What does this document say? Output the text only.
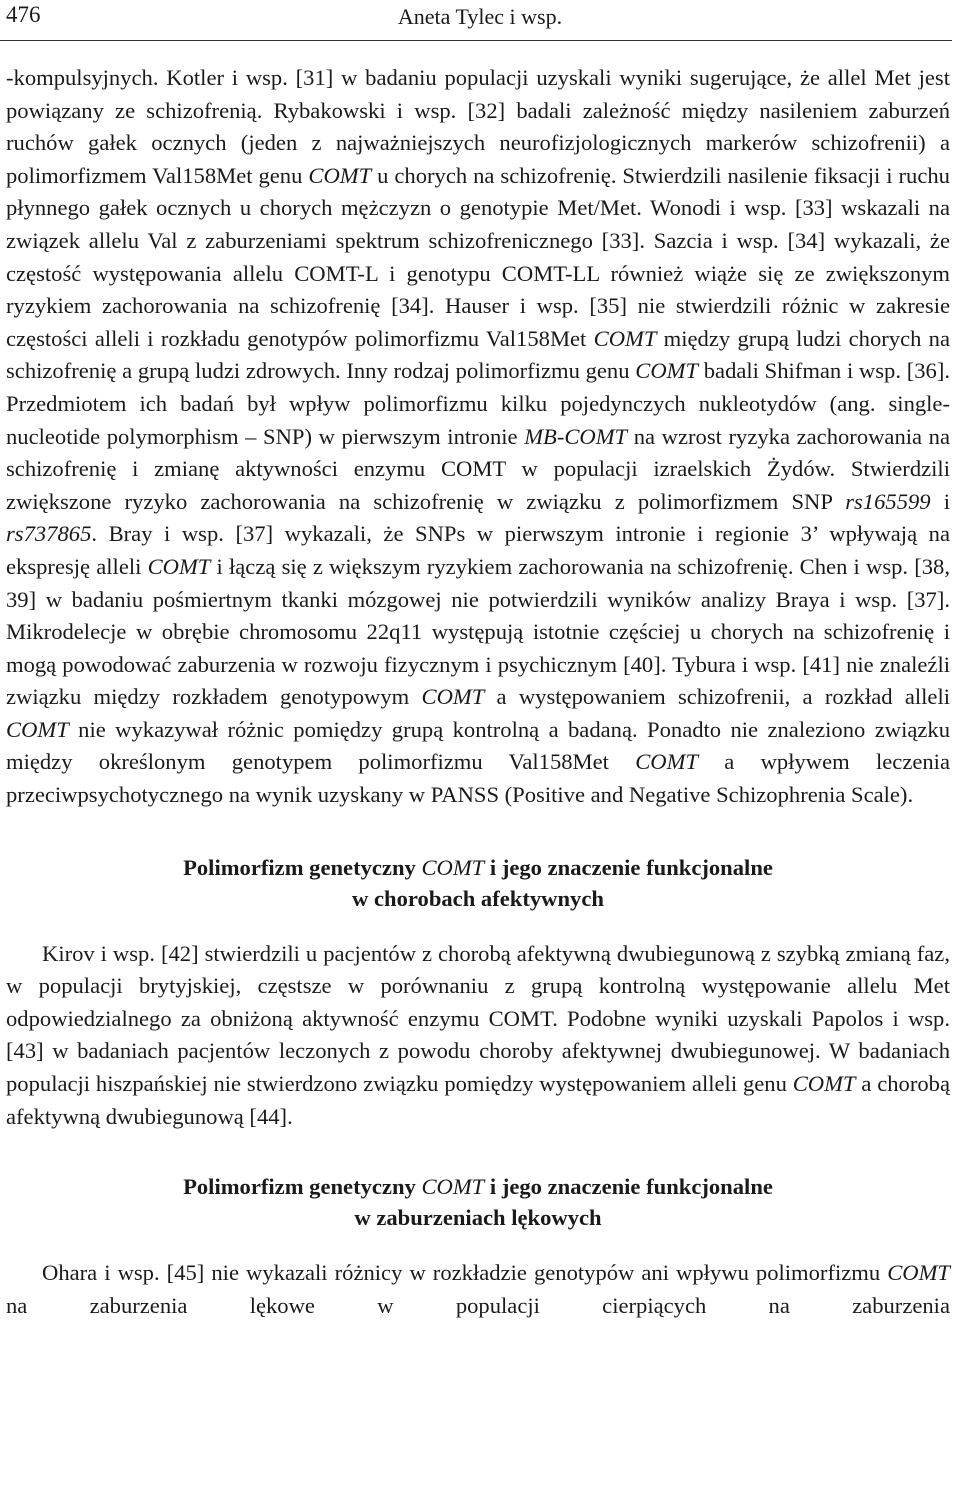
476	Aneta Tylec i wsp.

-kompulsyjnych. Kotler i wsp. [31] w badaniu populacji uzyskali wyniki sugerujące, że allel Met jest powiązany ze schizofrenią. Rybakowski i wsp. [32] badali zależność między nasileniem zaburzeń ruchów gałek ocznych (jeden z najważniejszych neurofizjologicznych markerów schizofrenii) a polimorfizmem Val158Met genu COMT u chorych na schizofrenię. Stwierdzili nasilenie fiksacji i ruchu płynnego gałek ocznych u chorych mężczyzn o genotypie Met/Met. Wonodi i wsp. [33] wskazali na związek allelu Val z zaburzeniami spektrum schizofrenicznego [33]. Sazcia i wsp. [34] wykazali, że częstość występowania allelu COMT-L i genotypu COMT-LL również wiąże się ze zwiększonym ryzykiem zachorowania na schizofrenię [34]. Hauser i wsp. [35] nie stwierdzili różnic w zakresie częstości alleli i rozkładu genotypów polimorfizmu Val158Met COMT między grupą ludzi chorych na schizofrenię a grupą ludzi zdrowych. Inny rodzaj polimorfizmu genu COMT badali Shifman i wsp. [36]. Przedmiotem ich badań był wpływ polimorfizmu kilku pojedynczych nukleotydów (ang. single-nucleotide polymorphism – SNP) w pierwszym intronie MB-COMT na wzrost ryzyka zachorowania na schizofrenię i zmianę aktywności enzymu COMT w populacji izraelskich Żydów. Stwierdzili zwiększone ryzyko zachorowania na schizofrenię w związku z polimorfizmem SNP rs165599 i rs737865. Bray i wsp. [37] wykazali, że SNPs w pierwszym intronie i regionie 3’ wpływają na ekspresję alleli COMT i łączą się z większym ryzykiem zachorowania na schizofrenię. Chen i wsp. [38, 39] w badaniu pośmiertnym tkanki mózgowej nie potwierdzili wyników analizy Braya i wsp. [37]. Mikrodelecje w obrębie chromosomu 22q11 występują istotnie częściej u chorych na schizofrenię i mogą powodować zaburzenia w rozwoju fizycznym i psychicznym [40]. Tybura i wsp. [41] nie znaleźli związku między rozkładem genotypowym COMT a występowaniem schizofrenii, a rozkład alleli COMT nie wykazywał różnic pomiędzy grupą kontrolną a badaną. Ponadto nie znaleziono związku między określonym genotypem polimorfizmu Val158Met COMT a wpływem leczenia przeciwpsychotycznego na wynik uzyskany w PANSS (Positive and Negative Schizophrenia Scale).

Polimorfizm genetyczny COMT i jego znaczenie funkcjonalne
w chorobach afektywnych

Kirov i wsp. [42] stwierdzili u pacjentów z chorobą afektywną dwubiegunową z szybką zmianą faz, w populacji brytyjskiej, częstsze w porównaniu z grupą kontrolną występowanie allelu Met odpowiedzialnego za obniżoną aktywność enzymu COMT. Podobne wyniki uzyskali Papolos i wsp. [43] w badaniach pacjentów leczonych z powodu choroby afektywnej dwubiegunowej. W badaniach populacji hiszpańskiej nie stwierdzono związku pomiędzy występowaniem alleli genu COMT a chorobą afektywną dwubiegunową [44].

Polimorfizm genetyczny COMT i jego znaczenie funkcjonalne
w zaburzeniach lękowych

Ohara i wsp. [45] nie wykazali różnicy w rozkładzie genotypów ani wpływu polimorfizmu COMT na zaburzenia lękowe w populacji cierpiących na zaburzenia
